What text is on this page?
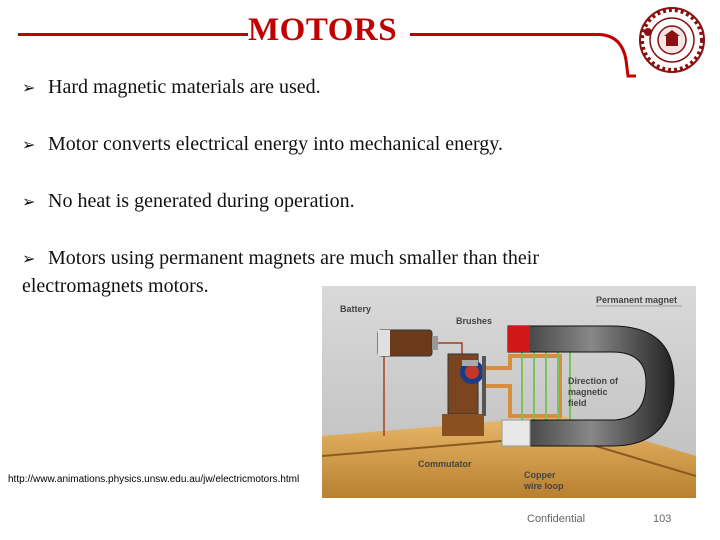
MOTORS
➢ Hard magnetic materials are used.
➢ Motor converts electrical energy into mechanical energy.
➢ No heat is generated during operation.
➢ Motors using permanent magnets are much smaller than their
electromagnets motors.
Battery
Brushes
Permanent magnet
Direction of
magnetic
field
Commutator
Copper
wire loop
http://www.animations.physics.unsw.edu.au/jw/electricmotors.html
Confidential	103
